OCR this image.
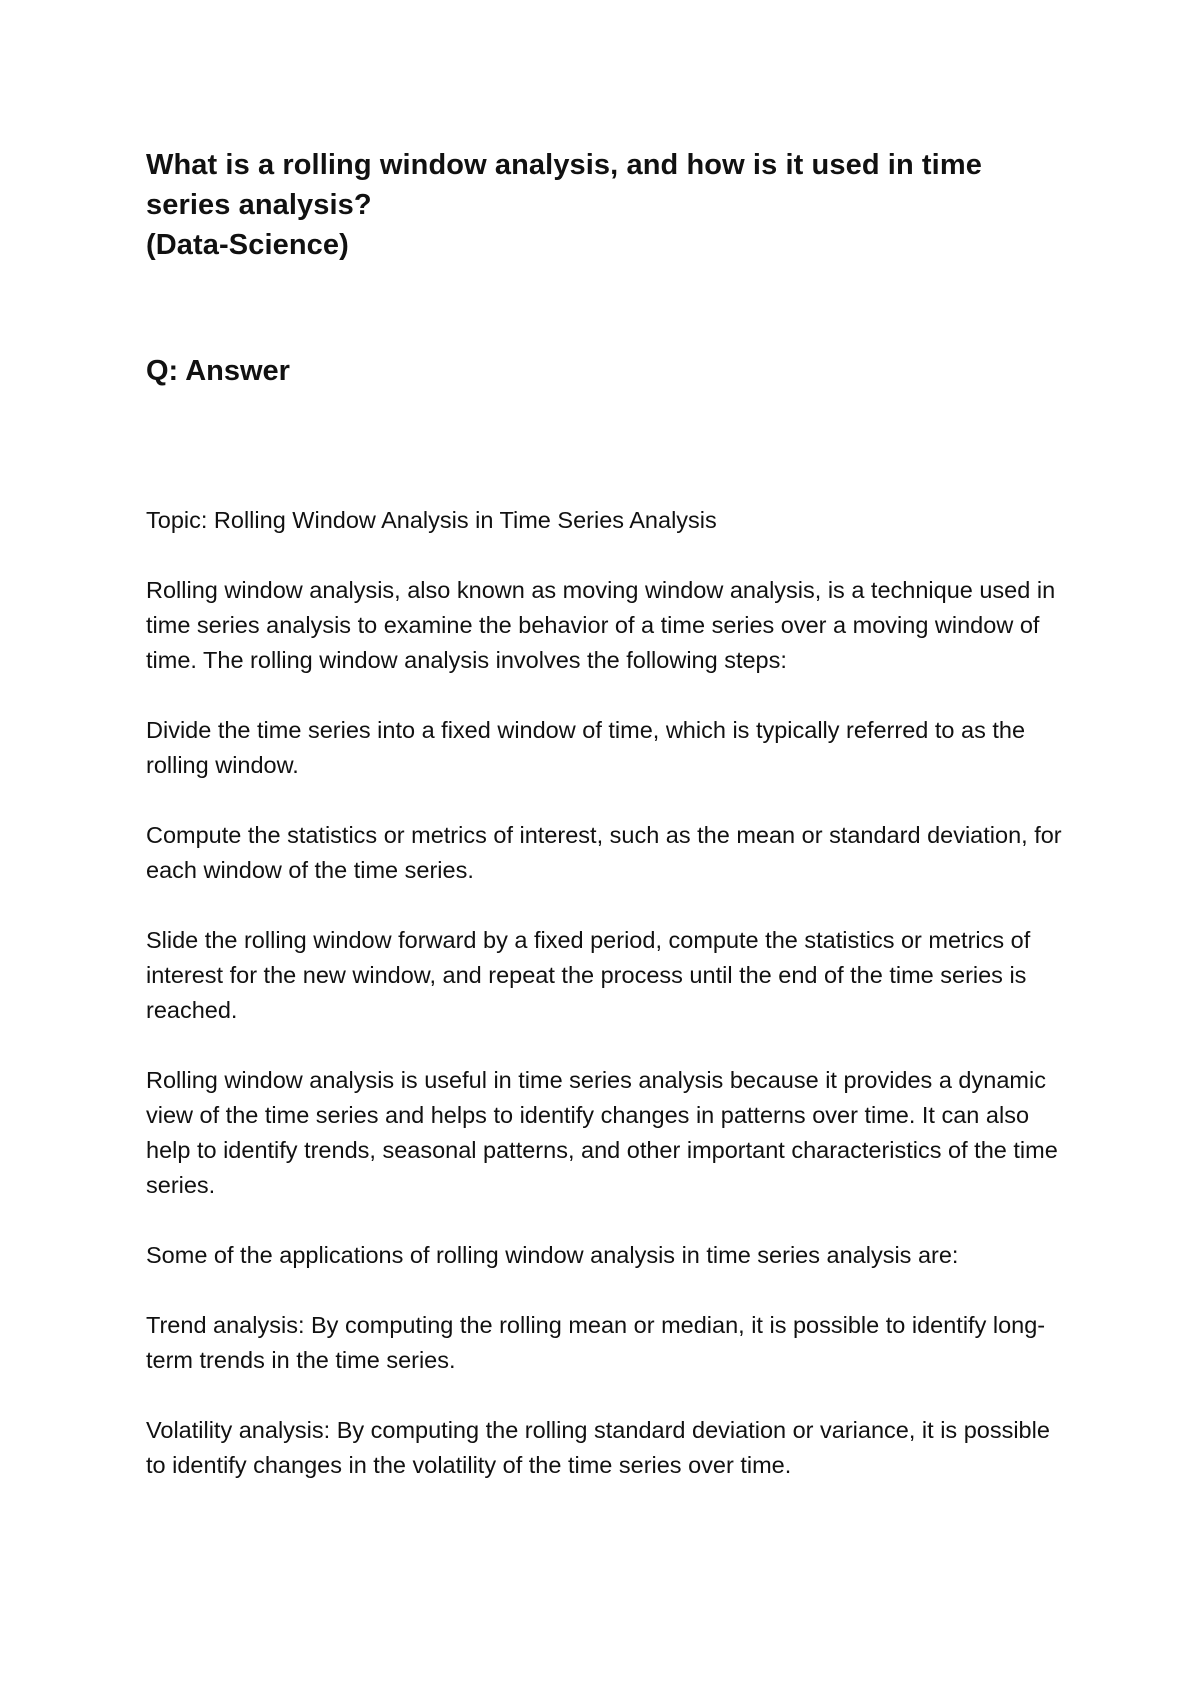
What is a rolling window analysis, and how is it used in time
series analysis?
(Data-Science)
Q: Answer

Topic: Rolling Window Analysis in Time Series Analysis

Rolling window analysis, also known as moving window analysis, is a technique used in time series analysis to examine the behavior of a time series over a moving window of time. The rolling window analysis involves the following steps:

Divide the time series into a fixed window of time, which is typically referred to as the rolling window.

Compute the statistics or metrics of interest, such as the mean or standard deviation, for each window of the time series.

Slide the rolling window forward by a fixed period, compute the statistics or metrics of interest for the new window, and repeat the process until the end of the time series is reached.

Rolling window analysis is useful in time series analysis because it provides a dynamic view of the time series and helps to identify changes in patterns over time. It can also help to identify trends, seasonal patterns, and other important characteristics of the time series.

Some of the applications of rolling window analysis in time series analysis are:

Trend analysis: By computing the rolling mean or median, it is possible to identify long-term trends in the time series.

Volatility analysis: By computing the rolling standard deviation or variance, it is possible to identify changes in the volatility of the time series over time.
